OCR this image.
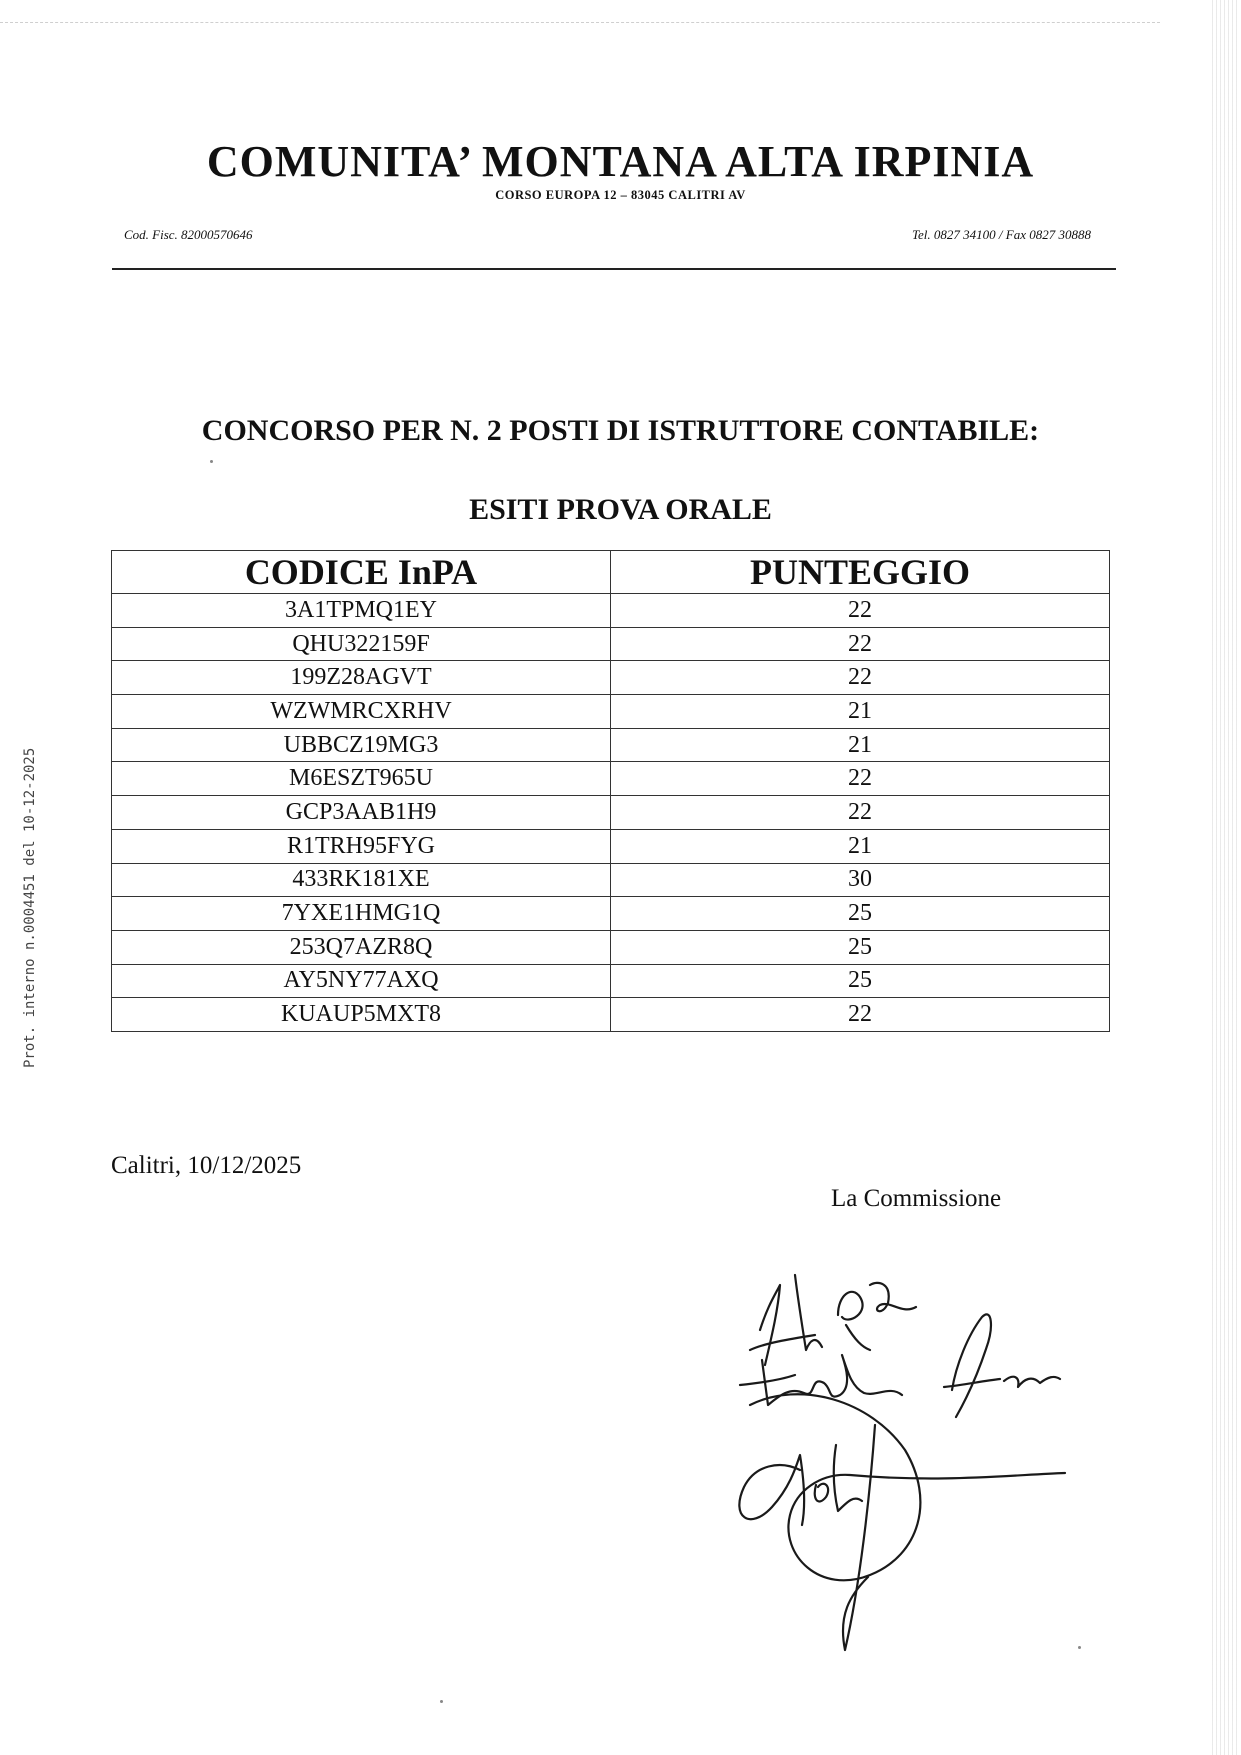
COMUNITA’ MONTANA ALTA IRPINIA
CORSO EUROPA 12 – 83045 CALITRI AV
Cod. Fisc. 82000570646	Tel. 0827 34100 / Fax 0827 30888
CONCORSO PER N. 2 POSTI DI ISTRUTTORE CONTABILE:
ESITI PROVA ORALE
CODICE InPA	PUNTEGGIO
3A1TPMQ1EY	22
QHU322159F	22
199Z28AGVT	22
WZWMRCXRHV	21
UBBCZ19MG3	21
M6ESZT965U	22
GCP3AAB1H9	22
R1TRH95FYG	21
433RK181XE	30
7YXE1HMG1Q	25
253Q7AZR8Q	25
AY5NY77AXQ	25
KUAUP5MXT8	22
Calitri, 10/12/2025
La Commissione
Prot. interno n.0004451 del 10-12-2025
